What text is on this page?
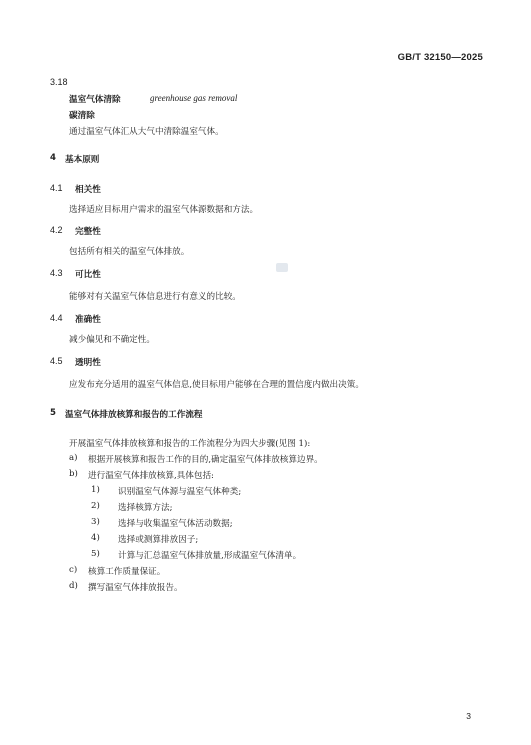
GB/T 32150—2025
3.18
温室气体清除	greenhouse gas removal
碳清除
通过温室气体汇从大气中清除温室气体。
4 基本原则
4.1 相关性
选择适应目标用户需求的温室气体源数据和方法。
4.2 完整性
包括所有相关的温室气体排放。
4.3 可比性
能够对有关温室气体信息进行有意义的比较。
4.4 准确性
减少偏见和不确定性。
4.5 透明性
应发布充分适用的温室气体信息,使目标用户能够在合理的置信度内做出决策。
5 温室气体排放核算和报告的工作流程
开展温室气体排放核算和报告的工作流程分为四大步骤(见图 1):
a) 根据开展核算和报告工作的目的,确定温室气体排放核算边界。
b) 进行温室气体排放核算,具体包括:
1) 识别温室气体源与温室气体种类;
2) 选择核算方法;
3) 选择与收集温室气体活动数据;
4) 选择或测算排放因子;
5) 计算与汇总温室气体排放量,形成温室气体清单。
c) 核算工作质量保证。
d) 撰写温室气体排放报告。
3
